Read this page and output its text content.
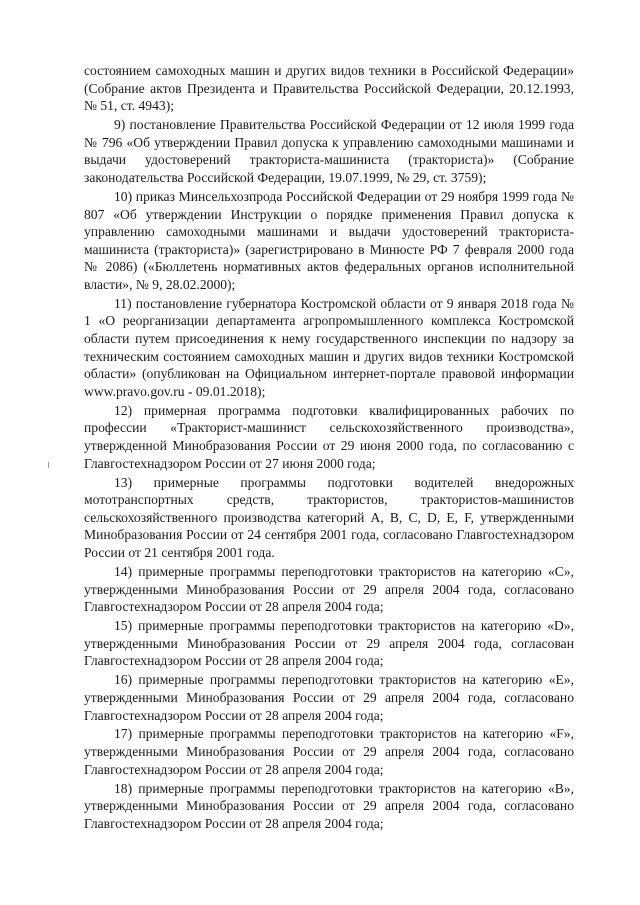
состоянием самоходных машин и других видов техники в Российской Федерации» (Собрание актов Президента и Правительства Российской Федерации, 20.12.1993, № 51, ст. 4943);

9) постановление Правительства Российской Федерации от 12 июля 1999 года № 796 «Об утверждении Правил допуска к управлению самоходными машинами и выдачи удостоверений тракториста-машиниста (тракториста)» (Собрание законодательства Российской Федерации, 19.07.1999, № 29, ст. 3759);

10) приказ Минсельхозпрода Российской Федерации от 29 ноября 1999 года № 807 «Об утверждении Инструкции о порядке применения Правил допуска к управлению самоходными машинами и выдачи удостоверений тракториста-машиниста (тракториста)» (зарегистрировано в Минюсте РФ 7 февраля 2000 года № 2086) («Бюллетень нормативных актов федеральных органов исполнительной власти», № 9, 28.02.2000);

11) постановление губернатора Костромской области от 9 января 2018 года № 1 «О реорганизации департамента агропромышленного комплекса Костромской области путем присоединения к нему государственного инспекции по надзору за техническим состоянием самоходных машин и других видов техники Костромской области» (опубликован на Официальном интернет-портале правовой информации www.pravo.gov.ru - 09.01.2018);

12) примерная программа подготовки квалифицированных рабочих по профессии «Тракторист-машинист сельскохозяйственного производства», утвержденной Минобразования России от 29 июня 2000 года, по согласованию с Главгостехнадзором России от 27 июня 2000 года;

13) примерные программы подготовки водителей внедорожных мототранспортных средств, трактористов, трактористов-машинистов сельскохозяйственного производства категорий A, B, C, D, E, F, утвержденными Минобразования России от 24 сентября 2001 года, согласовано Главгостехнадзором России от 21 сентября 2001 года.

14) примерные программы переподготовки трактористов на категорию «C», утвержденными Минобразования России от 29 апреля 2004 года, согласовано Главгостехнадзором России от 28 апреля 2004 года;

15) примерные программы переподготовки трактористов на категорию «D», утвержденными Минобразования России от 29 апреля 2004 года, согласован Главгостехнадзором России от 28 апреля 2004 года;

16) примерные программы переподготовки трактористов на категорию «E», утвержденными Минобразования России от 29 апреля 2004 года, согласовано Главгостехнадзором России от 28 апреля 2004 года;

17) примерные программы переподготовки трактористов на категорию «F», утвержденными Минобразования России от 29 апреля 2004 года, согласовано Главгостехнадзором России от 28 апреля 2004 года;

18) примерные программы переподготовки трактористов на категорию «B», утвержденными Минобразования России от 29 апреля 2004 года, согласовано Главгостехнадзором России от 28 апреля 2004 года;
